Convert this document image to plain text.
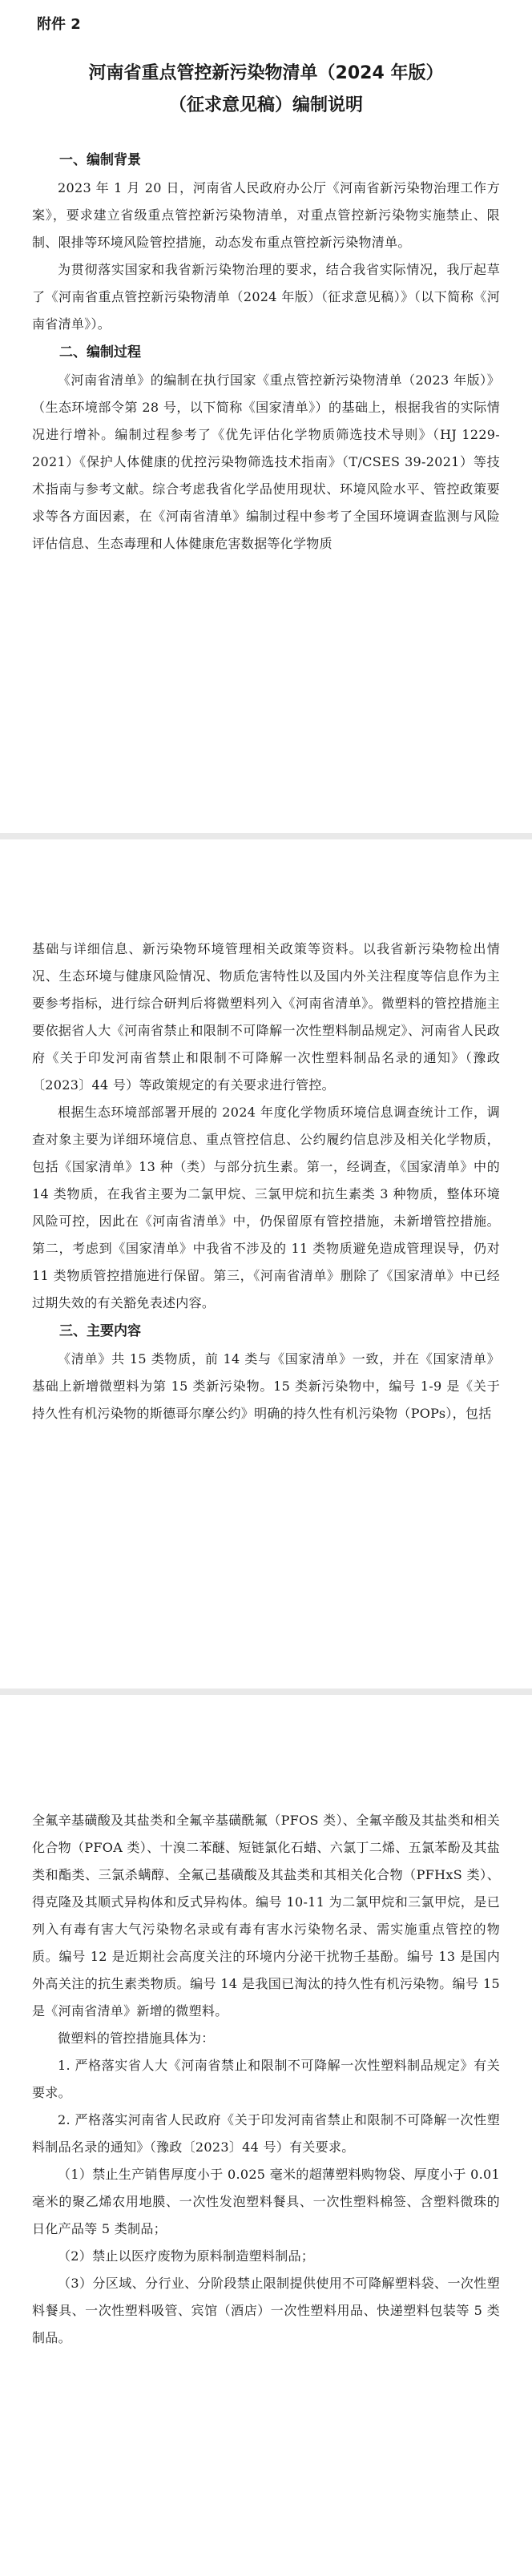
附件 2
河南省重点管控新污染物清单（2024 年版）
（征求意见稿）编制说明
一、编制背景

2023 年 1 月 20 日，河南省人民政府办公厅《河南省新污染物治理工作方案》，要求建立省级重点管控新污染物清单，对重点管控新污染物实施禁止、限制、限排等环境风险管控措施，动态发布重点管控新污染物清单。

为贯彻落实国家和我省新污染物治理的要求，结合我省实际情况，我厅起草了《河南省重点管控新污染物清单（2024 年版）（征求意见稿）》（以下简称《河南省清单》）。

二、编制过程

《河南省清单》的编制在执行国家《重点管控新污染物清单（2023 年版）》（生态环境部令第 28 号，以下简称《国家清单》）的基础上，根据我省的实际情况进行增补。编制过程参考了《优先评估化学物质筛选技术导则》（HJ 1229-2021）《保护人体健康的优控污染物筛选技术指南》（T/CSES 39-2021）等技术指南与参考文献。综合考虑我省化学品使用现状、环境风险水平、管控政策要求等各方面因素，在《河南省清单》编制过程中参考了全国环境调查监测与风险评估信息、生态毒理和人体健康危害数据等化学物质

基础与详细信息、新污染物环境管理相关政策等资料。以我省新污染物检出情况、生态环境与健康风险情况、物质危害特性以及国内外关注程度等信息作为主要参考指标，进行综合研判后将微塑料列入《河南省清单》。微塑料的管控措施主要依据省人大《河南省禁止和限制不可降解一次性塑料制品规定》、河南省人民政府《关于印发河南省禁止和限制不可降解一次性塑料制品名录的通知》（豫政〔2023〕44 号）等政策规定的有关要求进行管控。

根据生态环境部部署开展的 2024 年度化学物质环境信息调查统计工作，调查对象主要为详细环境信息、重点管控信息、公约履约信息涉及相关化学物质，包括《国家清单》13 种（类）与部分抗生素。第一，经调查，《国家清单》中的 14 类物质，在我省主要为二氯甲烷、三氯甲烷和抗生素类 3 种物质，整体环境风险可控，因此在《河南省清单》中，仍保留原有管控措施，未新增管控措施。第二，考虑到《国家清单》中我省不涉及的 11 类物质避免造成管理误导，仍对 11 类物质管控措施进行保留。第三，《河南省清单》删除了《国家清单》中已经过期失效的有关豁免表述内容。

三、主要内容

《清单》共 15 类物质，前 14 类与《国家清单》一致，并在《国家清单》基础上新增微塑料为第 15 类新污染物。15 类新污染物中，编号 1-9 是《关于持久性有机污染物的斯德哥尔摩公约》明确的持久性有机污染物（POPs），包括

全氟辛基磺酸及其盐类和全氟辛基磺酰氟（PFOS 类）、全氟辛酸及其盐类和相关化合物（PFOA 类）、十溴二苯醚、短链氯化石蜡、六氯丁二烯、五氯苯酚及其盐类和酯类、三氯杀螨醇、全氟己基磺酸及其盐类和其相关化合物（PFHxS 类）、得克隆及其顺式异构体和反式异构体。编号 10-11 为二氯甲烷和三氯甲烷，是已列入有毒有害大气污染物名录或有毒有害水污染物名录、需实施重点管控的物质。编号 12 是近期社会高度关注的环境内分泌干扰物壬基酚。编号 13 是国内外高关注的抗生素类物质。编号 14 是我国已淘汰的持久性有机污染物。编号 15 是《河南省清单》新增的微塑料。

微塑料的管控措施具体为：

1. 严格落实省人大《河南省禁止和限制不可降解一次性塑料制品规定》有关要求。

2. 严格落实河南省人民政府《关于印发河南省禁止和限制不可降解一次性塑料制品名录的通知》（豫政〔2023〕44 号）有关要求。

（1）禁止生产销售厚度小于 0.025 毫米的超薄塑料购物袋、厚度小于 0.01 毫米的聚乙烯农用地膜、一次性发泡塑料餐具、一次性塑料棉签、含塑料微珠的日化产品等 5 类制品；

（2）禁止以医疗废物为原料制造塑料制品；

（3）分区域、分行业、分阶段禁止限制提供使用不可降解塑料袋、一次性塑料餐具、一次性塑料吸管、宾馆（酒店）一次性塑料用品、快递塑料包装等 5 类制品。
